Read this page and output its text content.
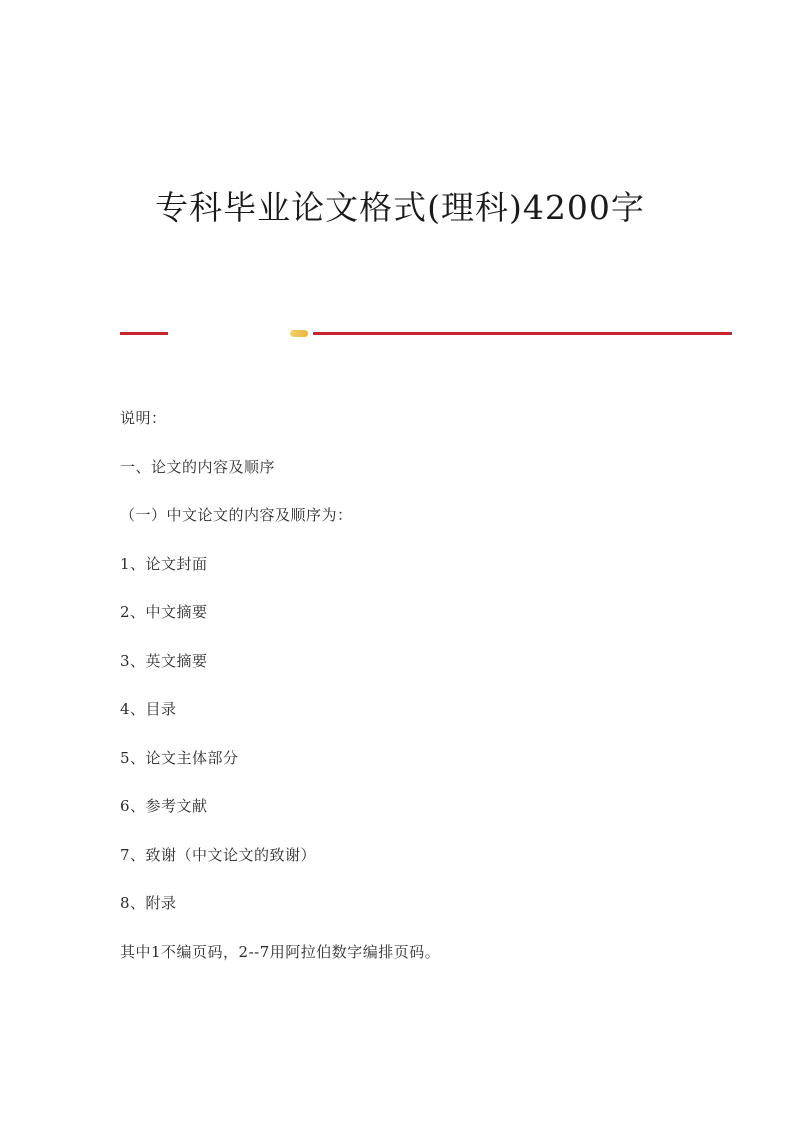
专科毕业论文格式(理科)4200字
说明：
一、论文的内容及顺序
（一）中文论文的内容及顺序为：
1、论文封面
2、中文摘要
3、英文摘要
4、目录
5、论文主体部分
6、参考文献
7、致谢（中文论文的致谢）
8、附录
其中1不编页码，2--7用阿拉伯数字编排页码。
